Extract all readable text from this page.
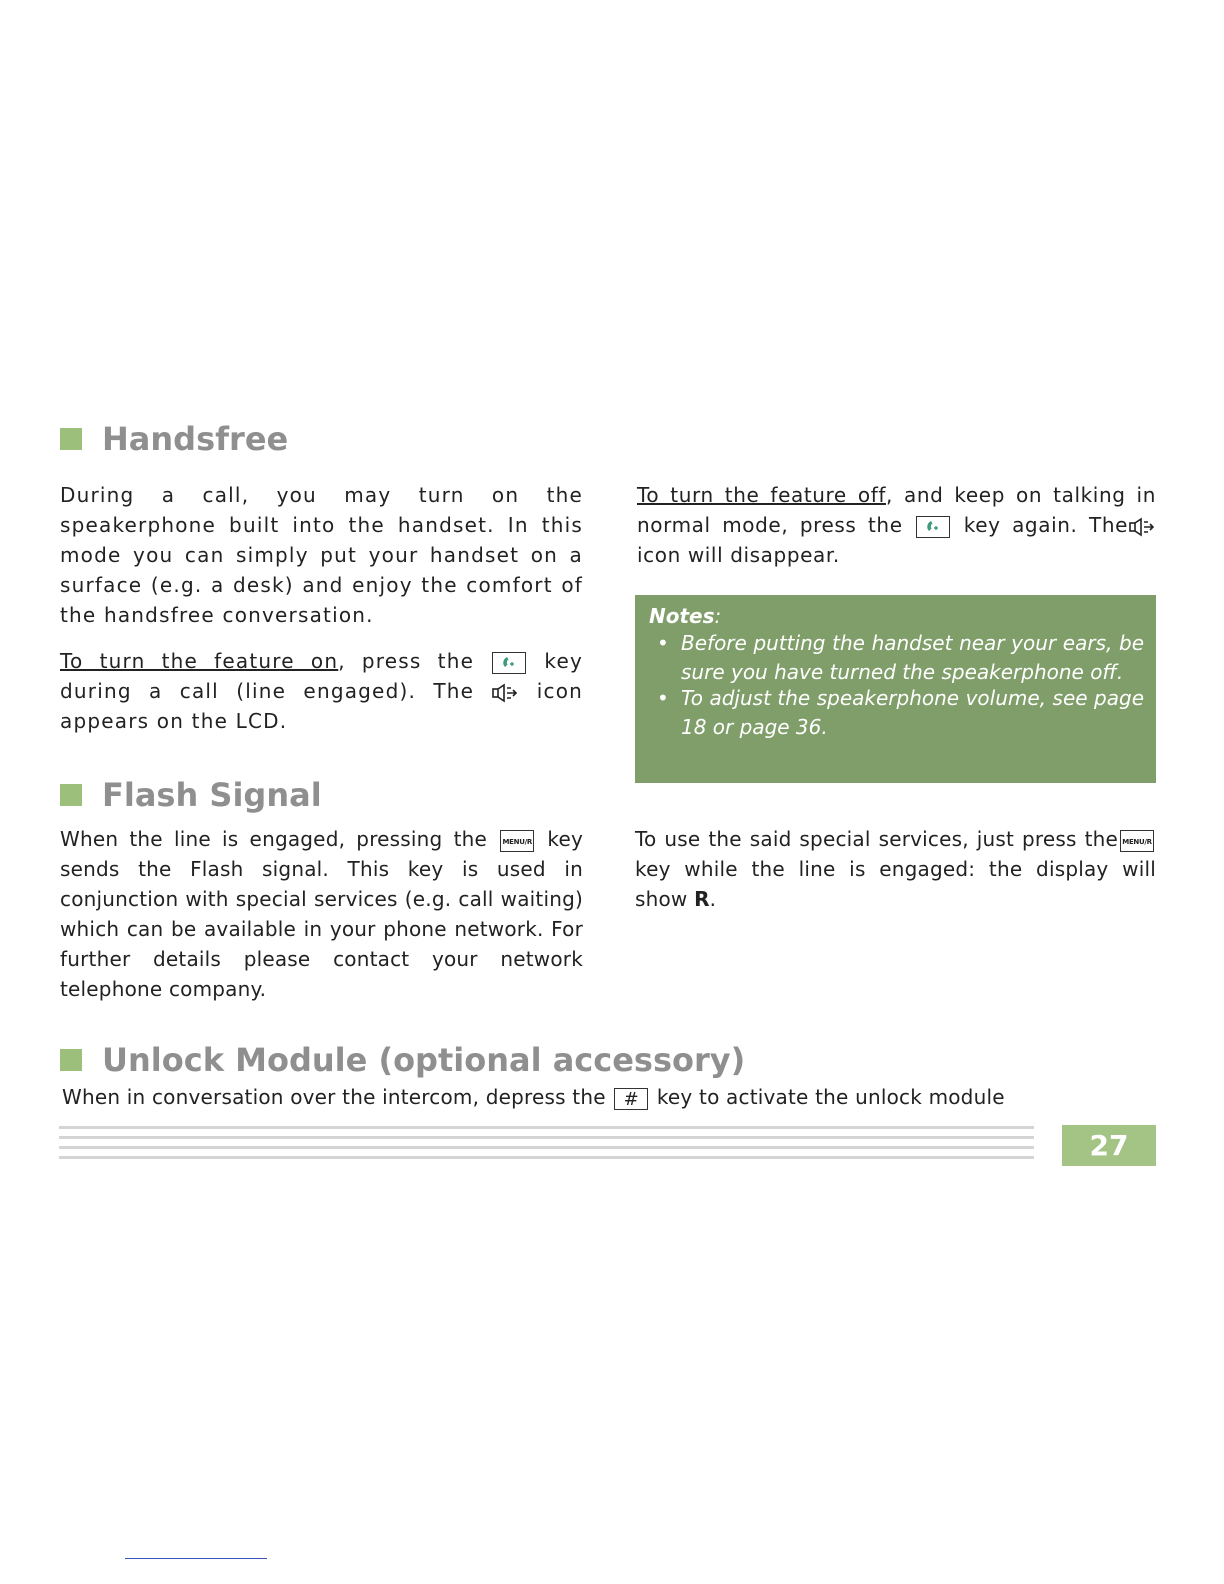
Handsfree
During a call, you may turn on the speakerphone built into the handset. In this mode you can simply put your handset on a surface (e.g. a desk) and enjoy the comfort of the handsfree conversation.
To turn the feature on, press the	key during a call (line engaged). The	icon appears on the LCD.
To turn the feature off, and keep on talking in normal mode, press the	key again. The icon will disappear.
Notes:
• Before putting the handset near your ears, be sure you have turned the speakerphone off.
• To adjust the speakerphone volume, see page 18 or page 36.
Flash Signal
When the line is engaged, pressing the MENU/R key sends the Flash signal. This key is used in conjunction with special services (e.g. call waiting) which can be available in your phone network. For further details please contact your network telephone company.
To use the said special services, just press the MENU/R key while the line is engaged: the display will show R.
Unlock Module (optional accessory)
When in conversation over the intercom, depress the # key to activate the unlock module
27
